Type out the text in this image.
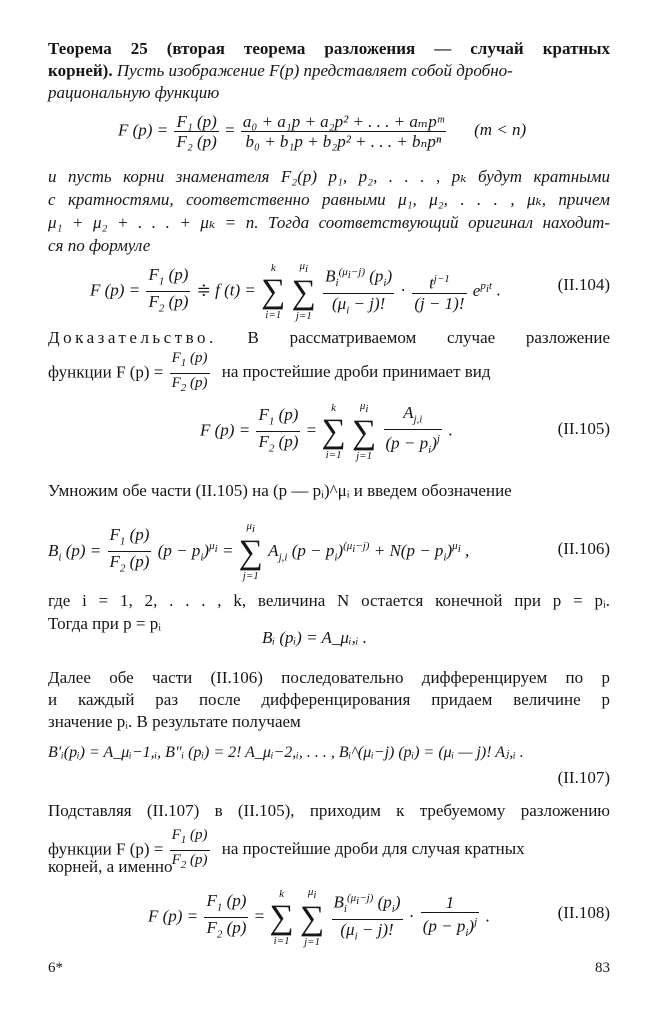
Теорема 25 (вторая теорема разложения — случай кратных
корней). Пусть изображение F(p) представляет собой дробно-
рациональную функцию
F $(p) = \frac{\text{F₁ (p)}}{\text{F₂ (p)}} = \frac{\text{a₀ + a₁p + a₂p² + . . . + aₘpᵐ}}{\text{b₀ + b₁p + b₂p² + . . . + bₙpⁿ}} (m < n)$
и пусть корни знаменателя F₂(p) p₁, p₂, . . . , pₖ будут кратными
с кратностями, соответственно равными μ₁, μ₂, . . . , μₖ, причем
μ₁ + μ₂ + . . . + μₖ = n. Тогда соответствующий оригинал находит-
ся по формуле
F $(p) = \frac{F_1 (p)}{F_2 (p)}$ ≑ f (t) =
k
∑
i=1

$\mu_i$
∑
j=1
$\frac{B_i^{(\mu_i-j)} (p_i)}{(\mu_i - j)!} \cdot \frac{t^{j-1}}{(j - 1)!} e^{p_it}$ .	(II.104)
Доказательство. В рассматриваемом случае разложение
функции F $(p) = \frac{F_1 (p)}{F_2 (p)}$ на простейшие дроби принимает вид
F $(p) = \frac{F_1 (p)}{F_2 (p)}$ =
k
∑
i=1

$\mu_i$
∑
j=1
$\frac{A_{j,i}}{(p - p_i)^j}$ .	(II.105)
Умножим обе части (II.105) на (p — pᵢ)^μᵢ и введем обозначение
$B_i$ $(p) = \frac{F_1 (p)}{F_2 (p)} (p - p_i)^{\mu_i}$ =
$\mu_i$
∑
j=1
$A_{j,i}$ $(p - p_i)^{(\mu_i-j)} + N(p - p_i)^{\mu_i}$ ,	(II.106)
где i = 1, 2, . . . , k, величина N остается конечной при p = pᵢ.
Тогда при p = pᵢ
Bᵢ (pᵢ) = A_μᵢ,ᵢ .
Далее обе части (II.106) последовательно дифференцируем по p
и каждый раз после дифференцирования придаем величине p
значение pᵢ. В результате получаем
B′ᵢ(pᵢ) = A_μᵢ−1,ᵢ, B″ᵢ (pᵢ) = 2! A_μᵢ−2,ᵢ, . . . , Bᵢ^(μᵢ−j) (pᵢ) = (μᵢ — j)! Aⱼ,ᵢ .
(II.107)
Подставляя (II.107) в (II.105), приходим к требуемому разложению
функции F $(p) = \frac{F_1 (p)}{F_2 (p)}$ на простейшие дроби для случая кратных
корней, а именно
F $(p) = \frac{F_1 (p)}{F_2 (p)}$ =
k
∑
i=1

$\mu_i$
∑
j=1
$\frac{B_i^{(\mu_i-j)} (p_i)}{(\mu_i - j)!} \cdot \frac{1}{(p - p_i)^j}$ .	(II.108)
6*	83
